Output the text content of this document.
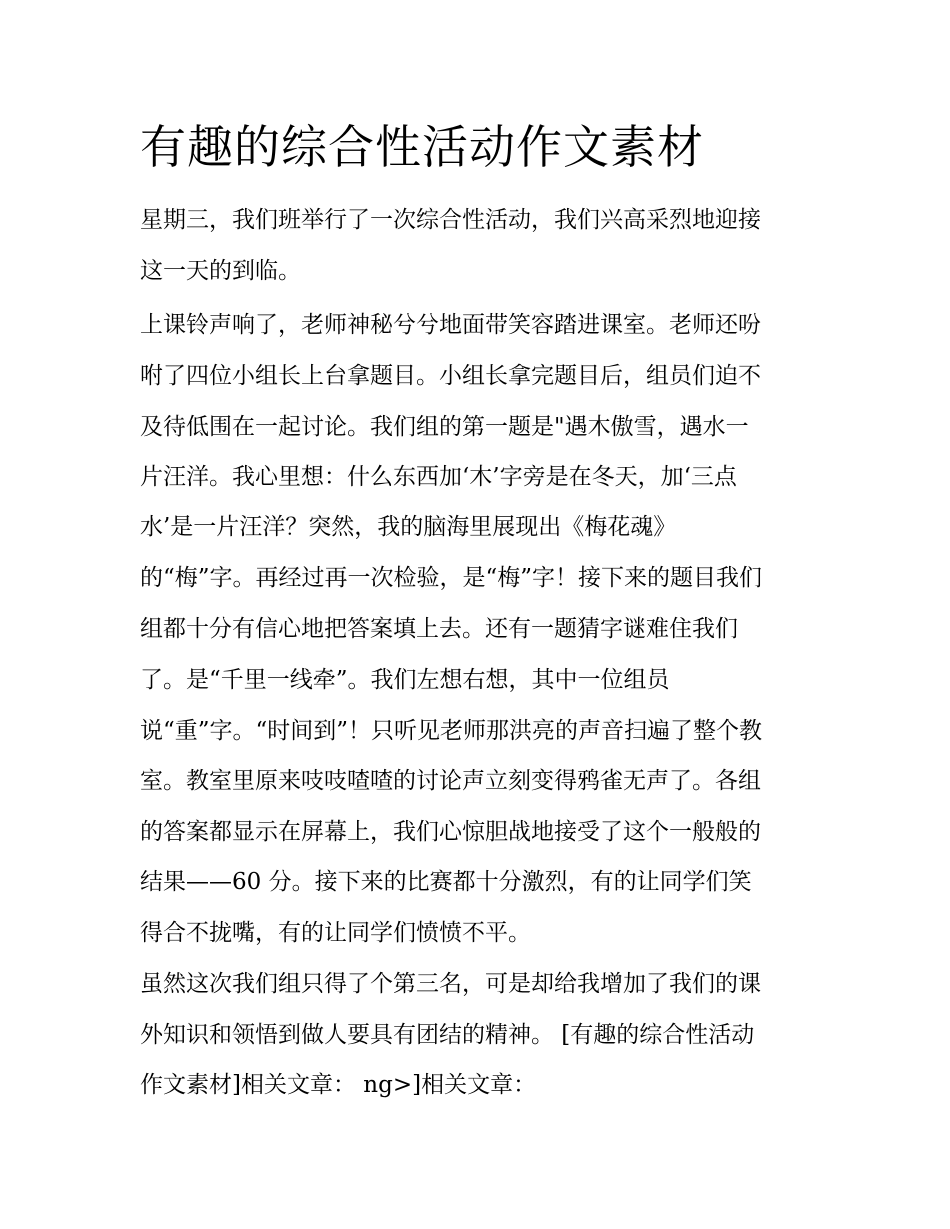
有趣的综合性活动作文素材

星期三，我们班举行了一次综合性活动，我们兴高采烈地迎接

这一天的到临。

上课铃声响了，老师神秘兮兮地面带笑容踏进课室。老师还吩

咐了四位小组长上台拿题目。小组长拿完题目后，组员们迫不

及待低围在一起讨论。我们组的第一题是"遇木傲雪，遇水一

片汪洋。我心里想：什么东西加‘木’字旁是在冬天，加‘三点

水’是一片汪洋？突然，我的脑海里展现出《梅花魂》

的“梅”字。再经过再一次检验，是“梅”字！接下来的题目我们

组都十分有信心地把答案填上去。还有一题猜字谜难住我们

了。是“千里一线牵”。我们左想右想，其中一位组员

说“重”字。“时间到”！只听见老师那洪亮的声音扫遍了整个教

室。教室里原来吱吱喳喳的讨论声立刻变得鸦雀无声了。各组

的答案都显示在屏幕上，我们心惊胆战地接受了这个一般般的

结果——60 分。接下来的比赛都十分激烈，有的让同学们笑

得合不拢嘴，有的让同学们愤愤不平。

虽然这次我们组只得了个第三名，可是却给我增加了我们的课

外知识和领悟到做人要具有团结的精神。 [有趣的综合性活动

作文素材]相关文章： ng>]相关文章：
